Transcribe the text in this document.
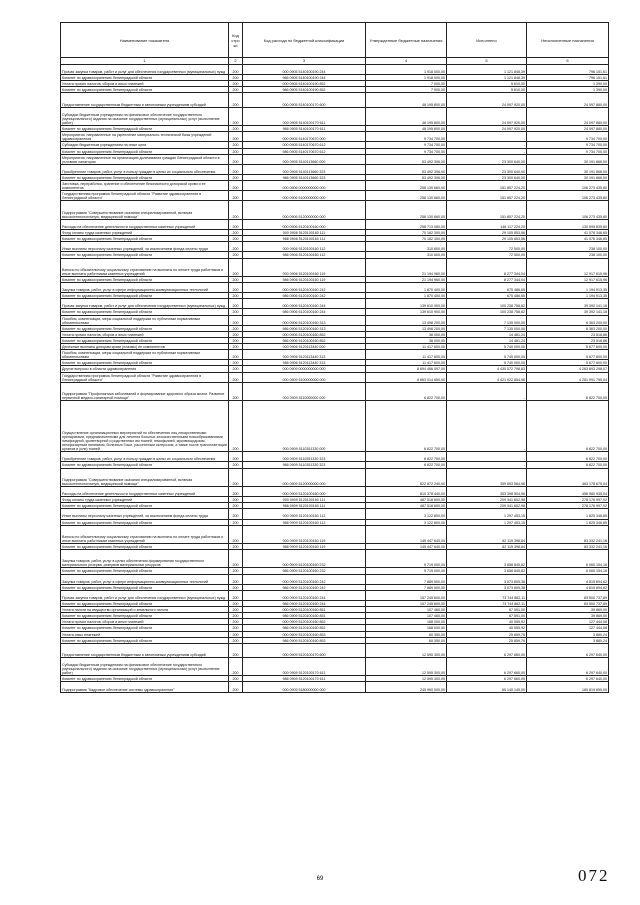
Наименование показателя	Код стро ки	Код расхода по бюджетной классификации	Утвержденные бюджетные назначения	Исполнено	Неисполненные назначения
1	2	3	4	5	6
Прочая закупка товаров, работ и услуг для обеспечения государственных (муниципальных) нужд	200	000 0905 5140100190 244	1 918 000,00	1 121 848,39	796 151,61
Комитет по здравоохранению Ленинградской области	200	986 0905 5140100190 244	1 918 000,00	1 121 848,39	796 151,61
Уплата прочих налогов, сборов и иных платежей	200	000 0905 5140100190 852	7 000,00	5 610,00	1 390,00
Комитет по здравоохранению Ленинградской области	200	986 0905 5140100190 852	7 000,00	5 610,00	1 390,00
Предоставление государственным бюджетным и автономным учреждениям субсидий	200	000 0905 5140100170 600	48 195 800,00	24 097 920,00	24 097 880,00
Субсидии бюджетным учреждениям на финансовое обеспечение государственного (муниципального) задания на оказание государственных (муниципальных) услуг (выполнение работ)	200	000 0905 5140100170 611	48 195 800,00	24 097 920,00	24 097 880,00
Комитет по здравоохранению Ленинградской области	200	986 0905 5140100170 611	48 195 800,00	24 097 920,00	24 097 880,00
Мероприятия, направленные на укрепление материально-технической базы учреждений здравоохранения	200	000 0905 5140170670 000	9 734 700,00	-	9 734 700,00
Субсидии бюджетным учреждениям на иные цели	200	000 0905 5140170670 612	9 734 700,00	-	9 734 700,00
Комитет по здравоохранению Ленинградской области	200	986 0905 5140170670 612	9 734 700,00	-	9 734 700,00
Мероприятия, направленные на организацию долечивания граждан Ленинградской области в условиях санатория	200	000 0905 5140113660 000	53 492 306,00	23 300 640,00	30 191 666,00
Приобретение товаров, работ, услуг в пользу граждан в целях их социального обеспечения	200	000 0905 5140113660 323	53 492 306,00	23 300 640,00	30 191 666,00
Комитет по здравоохранению Ленинградской области	200	986 0905 5140113660 323	53 492 306,00	23 300 640,00	30 191 666,00
Заготовка, переработка, хранение и обеспечение безопасности донорской крови и ее компонентов	200	000 0906 0000000000 000	258 130 660,00	151 857 224,20	106 273 435,80
Государственная программа Ленинградской области "Развитие здравоохранения в Ленинградской области"	200	000 0906 5100000000 000	258 130 660,00	151 857 224,20	106 273 435,80
Подпрограмма "Совершенствование оказания специализированной, включая высокотехнологичную, медицинской помощи"	200	000 0906 5120000000 000	258 130 660,00	151 857 224,20	106 273 435,80
Расходы на обеспечение деятельности государственных казенных учреждений	200	000 0906 5120100160 000	258 713 080,00	148 117 224,20	130 595 835,80
Фонд оплаты труда казенных учреждений	200	000 0906 5120100160 111	70 182 300,00	29 105 853,56	41 076 346,65
Комитет по здравоохранению Ленинградской области	200	986 0906 5120100160 111	70 182 300,00	29 105 853,56	41 076 346,65
Иные выплаты персоналу казенных учреждений, за исключением фонда оплаты труда	200	000 0906 5120100160 112	310 600,00	72 500,00	238 100,00
Комитет по здравоохранению Ленинградской области	200	986 0906 5120100160 112	310 600,00	72 500,00	238 100,00
Взносы по обязательному социальному страхованию на выплаты по оплате труда работников и иные выплаты работникам казенных учреждений	200	000 0906 5120100160 119	21 194 960,00	8 277 344,04	12 917 615,96
Комитет по здравоохранению Ленинградской области	200	986 0906 5120100160 119	21 194 960,00	8 277 344,04	12 917 615,96
Закупка товаров, работ, услуг в сфере информационно-коммуникационных технологий	200	000 0906 5120100160 242	1 870 400,00	675 486,65	1 194 913,35
Комитет по здравоохранению Ленинградской области	200	986 0906 5120100160 242	1 870 400,00	675 486,65	1 194 913,35
Прочая закупка товаров, работ и услуг для обеспечения государственных (муниципальных) нужд	200	000 0906 5120100160 244	139 610 900,00	100 238 758,82	39 392 141,18
Комитет по здравоохранению Ленинградской области	200	986 0906 5120100160 244	139 610 900,00	100 238 758,82	39 392 141,18
Пособия, компенсации, меры социальной поддержки по публичным нормативным обязательствам	200	000 0906 5120100160 313	13 498 200,00	7 135 000,00	6 363 200,00
Комитет по здравоохранению Ленинградской области	200	986 0906 5120100160 313	13 498 200,00	7 135 000,00	6 363 200,00
Уплата прочих налогов, сборов и иных платежей	200	000 0906 5120100160 852	38 000,00	14 481,24	23 518,86
Комитет по здравоохранению Ленинградской области	200	986 0906 5120100160 852	38 000,00	14 481,24	23 518,86
Денежные выплаты донорам крови (плазмы) ее компонентов	200	000 0906 5120113440 000	11 417 600,00	5 740 000,00	5 677 600,00
Пособия, компенсации, меры социальной поддержки по публичным нормативным обязательствам	200	000 0906 5120113440 313	11 417 600,00	5 740 000,00	5 677 600,00
Комитет по здравоохранению Ленинградской области	200	986 0906 5120113440 313	11 417 600,00	5 740 000,00	5 677 600,00
Другие вопросы в области здравоохранения	200	000 0909 0000000000 000	8 694 466 097,00	4 430 572 798,83	4 263 893 298,07
Государственная программа Ленинградской области "Развитие здравоохранения в Ленинградской области"	200	000 0909 5100000000 000	8 663 014 650,00	4 421 022 854,96	4 281 991 795,04
Подпрограмма "Профилактика заболеваний и формирование здорового образа жизни. Развитие первичной медико-санитарной помощи"	200	000 0909 5110000000 000	6 822 700,00	-	6 822 700,00
Осуществление организационных мероприятий по обеспечению лиц лекарственными препаратами, предназначенными для лечения больных злокачественными новообразованиями лимфоидной, кроветворной и родственных им тканей, гемофилией, муковисцидозом, гипофизарным нанизмом, болезнью Гоше, рассеянным склерозом, а также после трансплантации органов и (или) тканей	200	000 0909 5110351330 000	6 822 700,00	-	6 822 700,00
Приобретение товаров, работ, услуг в пользу граждан в целях их социального обеспечения	200	000 0909 5110351330 323	6 822 700,00	-	6 822 700,00
Комитет по здравоохранению Ленинградской области	200	986 0909 5110351330 323	6 822 700,00	-	6 822 700,00
Подпрограмма "Совершенствование оказания специализированной, включая высокотехнологичную, медицинской помощи"	200	000 0909 5120000000 000	822 872 240,00	359 693 564,96	463 178 675,04
Расходы на обеспечение деятельности государственных казенных учреждений	200	000 0909 5120100160 000	810 378 440,00	353 398 504,96	456 980 935,04
Фонд оплаты труда казенных учреждений	200	000 0909 5120100160 111	487 518 600,00	209 341 602,98	278 176 997,02
Комитет по здравоохранению Ленинградской области	200	986 0909 5120100160 111	487 518 600,00	209 341 602,98	278 176 997,02
Иные выплаты персоналу казенных учреждений, за исключением фонда оплаты труда	200	000 0909 5120100160 112	3 122 800,00	1 297 453,15	1 825 346,85
Комитет по здравоохранению Ленинградской области	200	986 0909 5120100160 112	3 122 800,00	1 297 453,15	1 825 346,85
Взносы по обязательному социальному страхованию на выплаты по оплате труда работников и иные выплаты работникам казенных учреждений	200	000 0909 5120100160 119	145 447 640,00	62 115 398,84	83 332 241,16
Комитет по здравоохранению Ленинградской области	200	986 0909 5120100160 119	145 447 640,00	62 115 398,84	83 332 241,16
Закупка товаров, работ, услуг в целях обеспечения формирования государственного материального резерва, резервов материальных ресурсов	200	000 0909 5120100160 232	9 719 000,00	3 658 845,82	6 060 154,18
Комитет по здравоохранению Ленинградской области	200	986 0909 5120100160 232	9 719 000,00	3 658 845,82	6 060 154,18
Закупка товаров, работ, услуг в сфере информационно-коммуникационных технологий	200	000 0909 5120100160 242	7 889 500,00	3 073 805,38	4 815 694,62
Комитет по здравоохранению Ленинградской области	200	986 0909 5120100160 242	7 889 500,00	3 073 805,38	4 815 694,62
Прочая закупка товаров, работ и услуг для обеспечения государственных (муниципальных) нужд	200	000 0909 5120100160 244	157 245 600,00	73 744 862,11	83 500 737,89
Комитет по здравоохранению Ленинградской области	200	986 0909 5120100160 244	157 245 600,00	73 744 862,11	83 500 737,89
Уплата налога на имущество организаций и земельного налога	200	000 0909 5120100160 851	107 460,00	67 591,00	39 869,00
Комитет по здравоохранению Ленинградской области	200	986 0909 5120100160 851	107 460,00	67 591,00	39 869,00
Уплата прочих налогов, сборов и иных платежей	200	000 0909 5120100160 852	168 000,00	40 555,92	127 444,08
Комитет по здравоохранению Ленинградской области	200	986 0909 5120100160 852	168 000,00	40 555,92	127 444,08
Уплата иных платежей	200	000 0909 5120100160 853	60 350,00	25 859,76	3 880,24
Комитет по здравоохранению Ленинградской области	200	986 0909 5120100160 853	60 350,00	25 859,76	3 880,24
Предоставление государственным бюджетным и автономным учреждениям субсидий	200	000 0909 5120100170 600	12 595 300,00	6 297 660,00	6 297 640,00
Субсидии бюджетным учреждениям на финансовое обеспечение государственного (муниципального) задания на оказание государственных (муниципальных) услуг (выполнение работ)	200	000 0909 5120100170 611	12 595 300,00	6 297 660,00	6 297 640,00
Комитет по здравоохранению Ленинградской области	200	986 0909 5120100170 611	12 595 300,00	6 297 660,00	6 297 640,00
Подпрограмма "Кадровое обеспечение системы здравоохранения"	200	000 0909 5180000000 000	245 960 000,00	65 140 145,00	180 819 855,00
69	072
